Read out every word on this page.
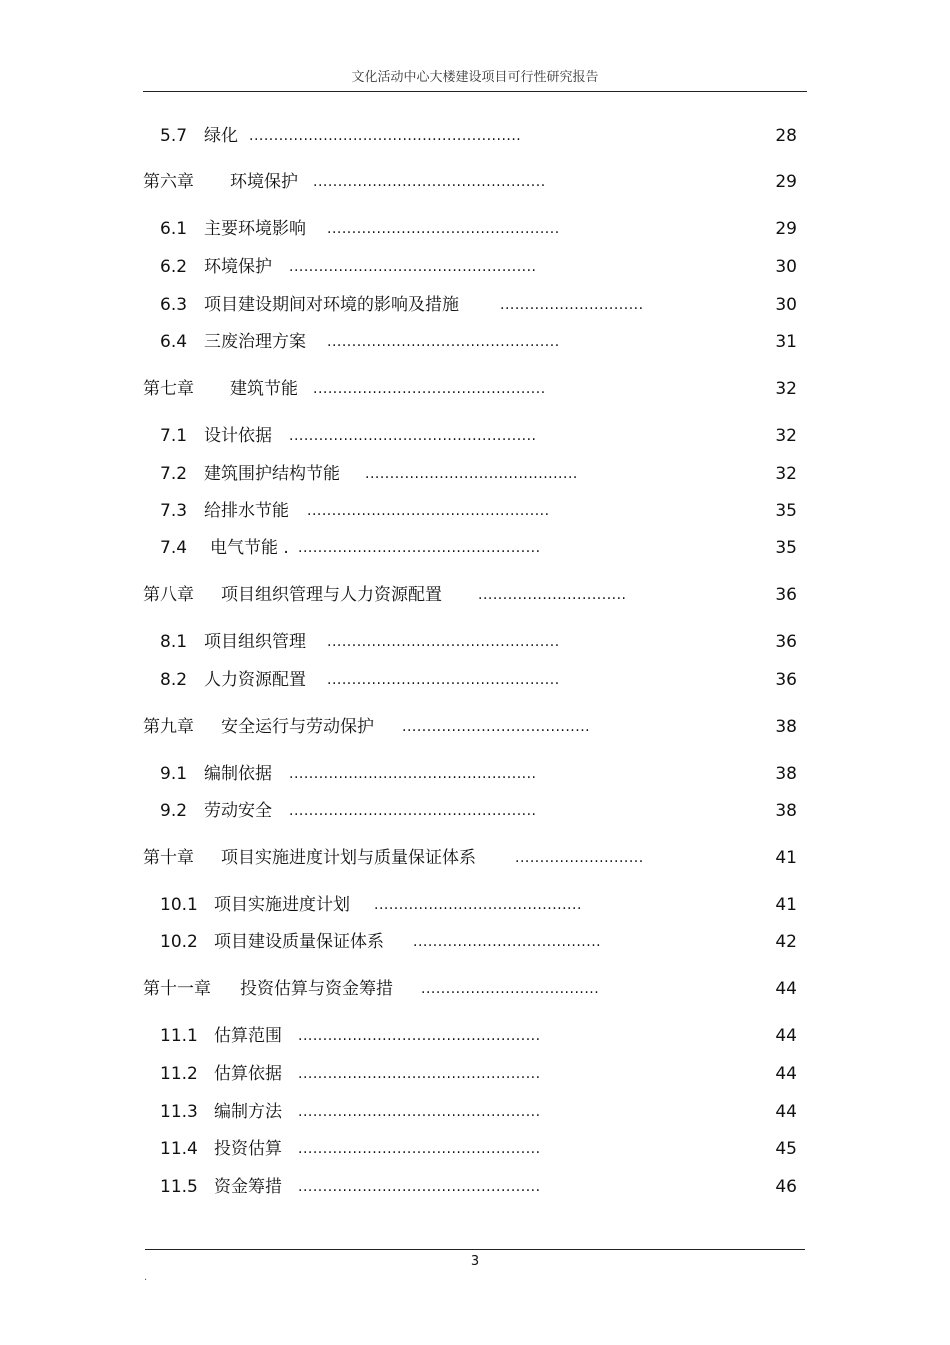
文化活动中心大楼建设项目可行性研究报告
5.7 绿化 .......................................................	28
第六章 环境保护 ...............................................	29
6.1 主要环境影响 ...............................................	29
6.2 环境保护 ..................................................	30
6.3 项目建设期间对环境的影响及措施	.............................	30
6.4 三废治理方案 ...............................................	31
第七章 建筑节能 ...............................................	32
7.1 设计依据 ..................................................	32
7.2 建筑围护结构节能 ...........................................	32
7.3 给排水节能 .................................................	35
7.4 电气节能 . .................................................	35
第八章 项目组织管理与人力资源配置	..............................	36
8.1 项目组织管理 ...............................................	36
8.2 人力资源配置 ...............................................	36
第九章 安全运行与劳动保护 ......................................	38
9.1 编制依据 ..................................................	38
9.2 劳动安全 ..................................................	38
第十章 项目实施进度计划与质量保证体系	..........................	41
10.1 项目实施进度计划 ..........................................	41
10.2 项目建设质量保证体系 ......................................	42
第十一章 投资估算与资金筹措 ....................................	44
11.1 估算范围 .................................................	44
11.2 估算依据 .................................................	44
11.3 编制方法 .................................................	44
11.4 投资估算 .................................................	45
11.5 资金筹措 .................................................	46
3
.
